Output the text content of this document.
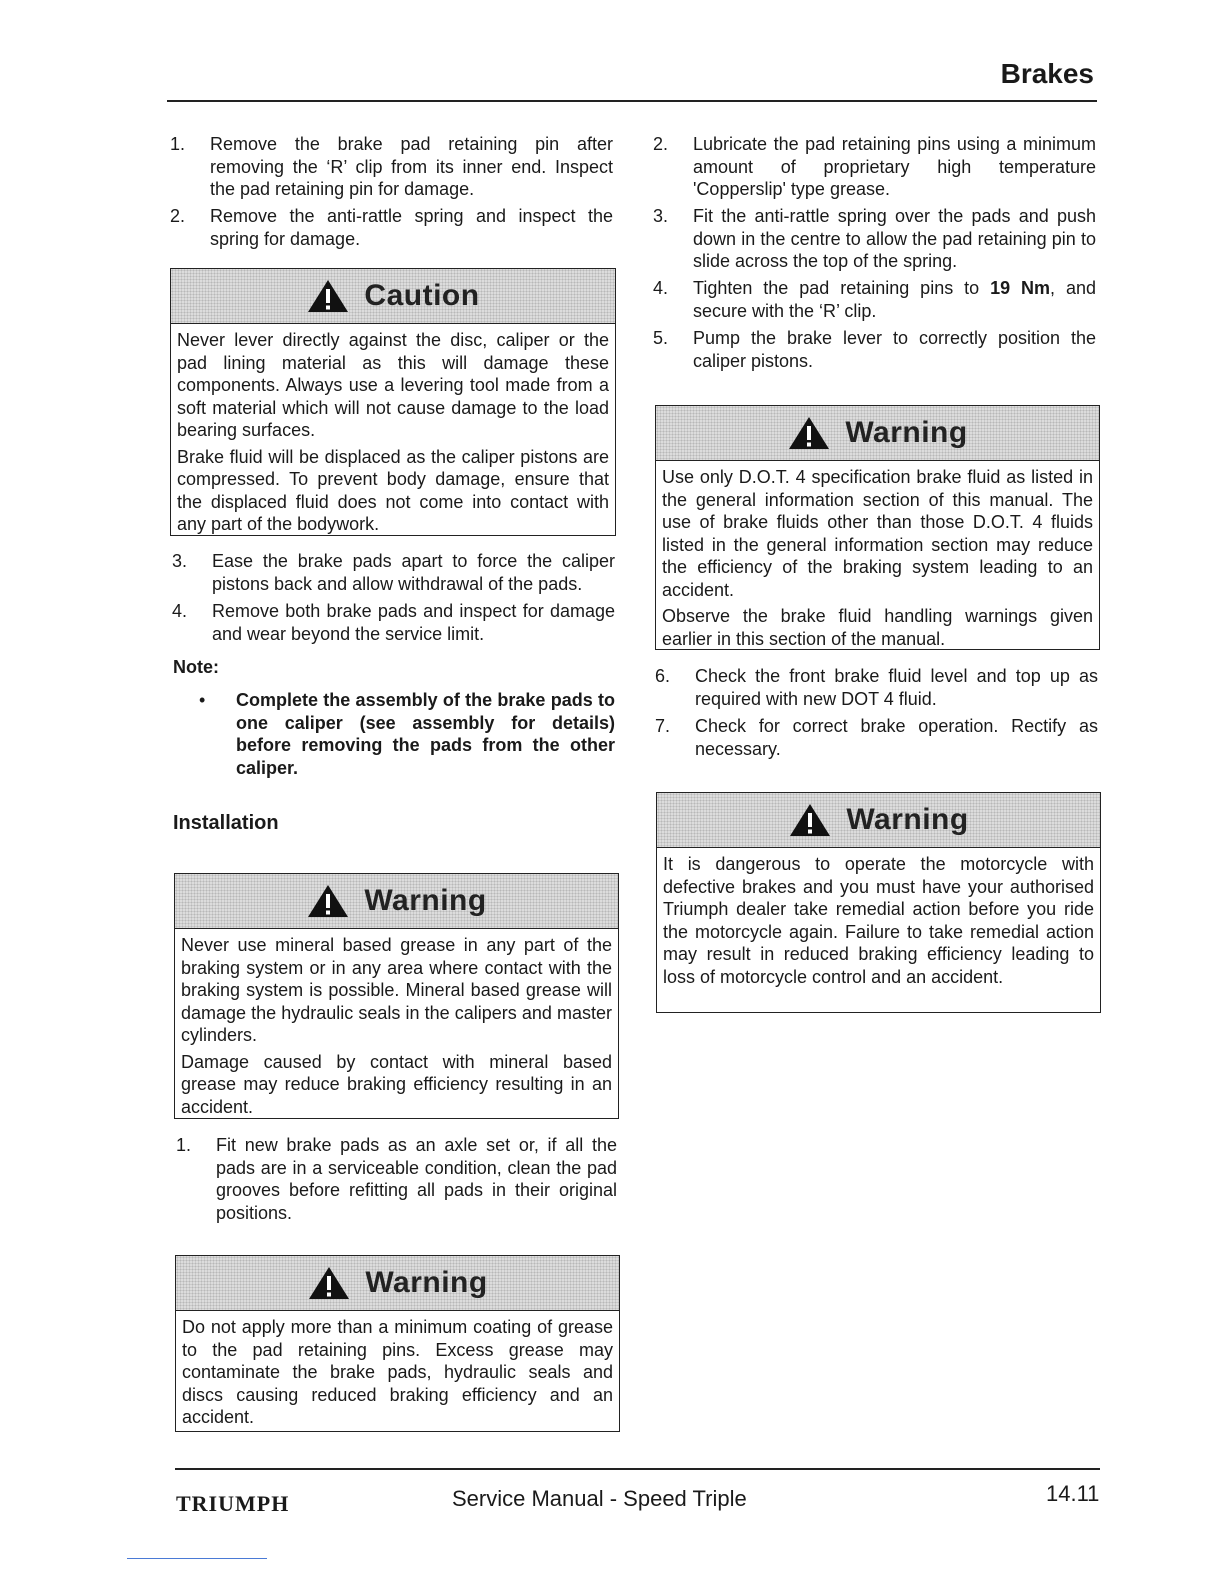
Brakes
1. Remove the brake pad retaining pin after removing the ‘R’ clip from its inner end. Inspect the pad retaining pin for damage.
2. Remove the anti-rattle spring and inspect the spring for damage.
Caution

Never lever directly against the disc, caliper or the pad lining material as this will damage these components. Always use a levering tool made from a soft material which will not cause damage to the load bearing surfaces.

Brake fluid will be displaced as the caliper pistons are compressed. To prevent body damage, ensure that the displaced fluid does not come into contact with any part of the bodywork.

3. Ease the brake pads apart to force the caliper pistons back and allow withdrawal of the pads.
4. Remove both brake pads and inspect for damage and wear beyond the service limit.
Note:
• Complete the assembly of the brake pads to one caliper (see assembly for details) before removing the pads from the other caliper.
Installation
Warning

Never use mineral based grease in any part of the braking system or in any area where contact with the braking system is possible. Mineral based grease will damage the hydraulic seals in the calipers and master cylinders.

Damage caused by contact with mineral based grease may reduce braking efficiency resulting in an accident.

1. Fit new brake pads as an axle set or, if all the pads are in a serviceable condition, clean the pad grooves before refitting all pads in their original positions.
Warning

Do not apply more than a minimum coating of grease to the pad retaining pins. Excess grease may contaminate the brake pads, hydraulic seals and discs causing reduced braking efficiency and an accident.

2. Lubricate the pad retaining pins using a minimum amount of proprietary high temperature 'Copperslip' type grease.
3. Fit the anti-rattle spring over the pads and push down in the centre to allow the pad retaining pin to slide across the top of the spring.
4. Tighten the pad retaining pins to 19 Nm, and secure with the ‘R’ clip.
5. Pump the brake lever to correctly position the caliper pistons.
Warning

Use only D.O.T. 4 specification brake fluid as listed in the general information section of this manual. The use of brake fluids other than those D.O.T. 4 fluids listed in the general information section may reduce the efficiency of the braking system leading to an accident.

Observe the brake fluid handling warnings given earlier in this section of the manual.

6. Check the front brake fluid level and top up as required with new DOT 4 fluid.
7. Check for correct brake operation. Rectify as necessary.
Warning

It is dangerous to operate the motorcycle with defective brakes and you must have your authorised Triumph dealer take remedial action before you ride the motorcycle again. Failure to take remedial action may result in reduced braking efficiency leading to loss of motorcycle control and an accident.

TRIUMPH	Service Manual - Speed Triple	14.11
